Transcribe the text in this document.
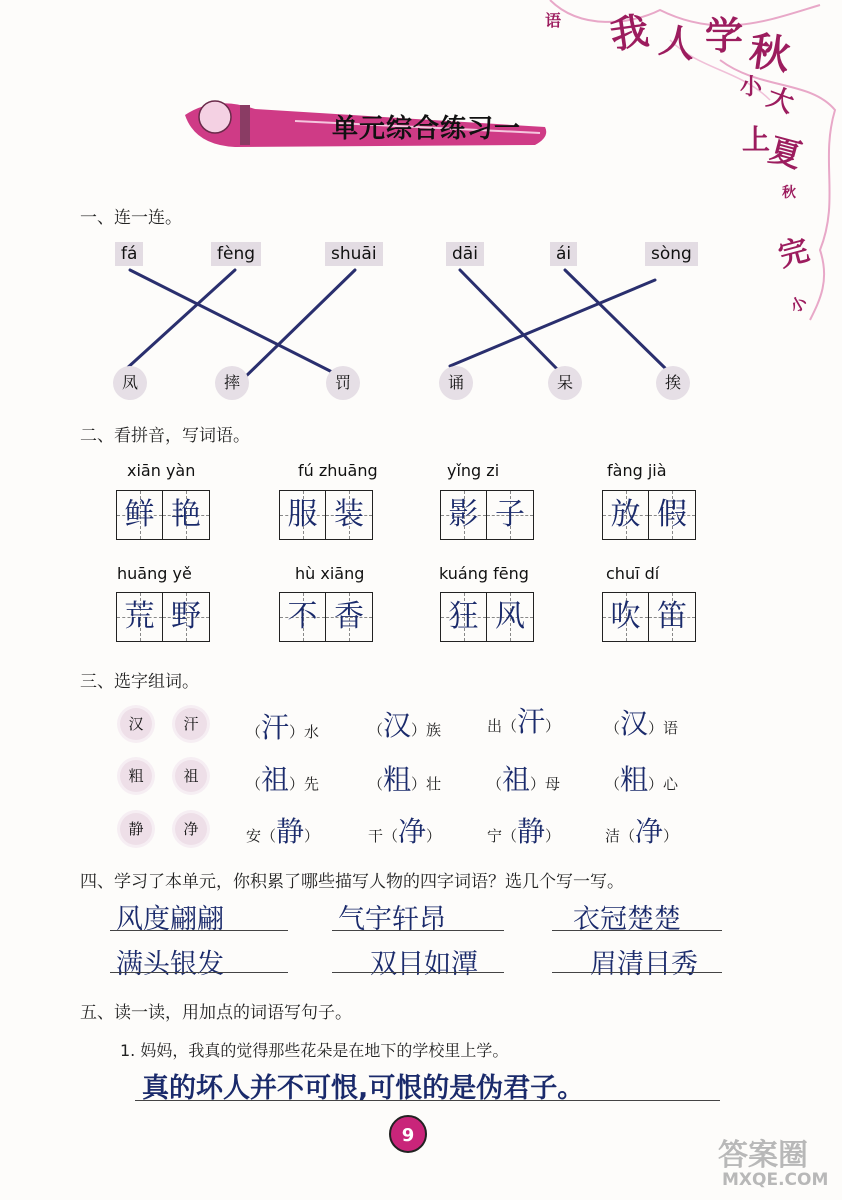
语 我 人 学 秋
小 大
上
夏
秋
完
小
单元综合练习一
一、连一连。
fá	fèng	shuāi	dāi	ái	sòng
凤	摔	罚	诵	呆	挨
二、看拼音，写词语。
xiān yàn
鲜 艳
fú zhuāng
服 装
yǐng zi
影 子
fàng jià
放 假
huāng yě
荒 野
hù xiāng
不 香
kuáng fēng
狂 风
chuī dí
吹 笛
三、选字组词。
汉	汗	（汗）水	（汉）族	出（汗）	（汉）语
粗	祖	（祖）先	（粗）壮	（祖）母	（粗）心
静	净	安（静）	干（净）	宁（静）	洁（净）
四、学习了本单元，你积累了哪些描写人物的四字词语？选几个写一写。
风度翩翩	气宇轩昂	衣冠楚楚
满头银发	双目如潭	眉清目秀
五、读一读，用加点的词语写句子。
1. 妈妈，我真的觉得那些花朵是在地下的学校里上学。
真的坏人并不可恨,可恨的是伪君子。
9
答案圈
MXQE.COM
